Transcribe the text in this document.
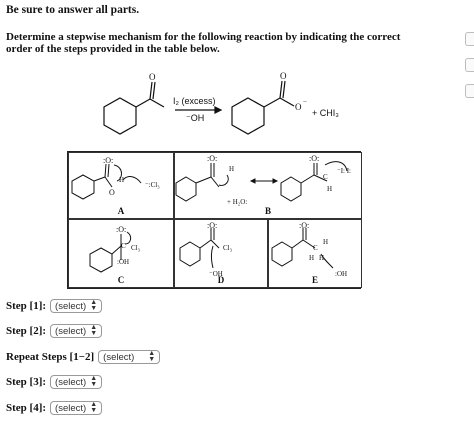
Be sure to answer all parts.
Determine a stepwise mechanism for the following reaction by indicating the correct order of the steps provided in the table below.
O	O
O −
I₂ (excess)
⁻OH	+ CHI₃
:O:
O
H
⁻:Cl₃
A
:O:	:O:
+ H₂O:
H
C
H
⁻I: I:
B
:O:
C Cl₃
:OH
C
:O:
Cl₃
⁻OH
D
:O:
C
H
H H
:OH
E
Step [1]: (select) ▲
▼
Step [2]: (select) ▲
▼
Repeat Steps [1−2] (select) ▲
▼
Step [3]: (select) ▲
▼
Step [4]: (select) ▲
▼
